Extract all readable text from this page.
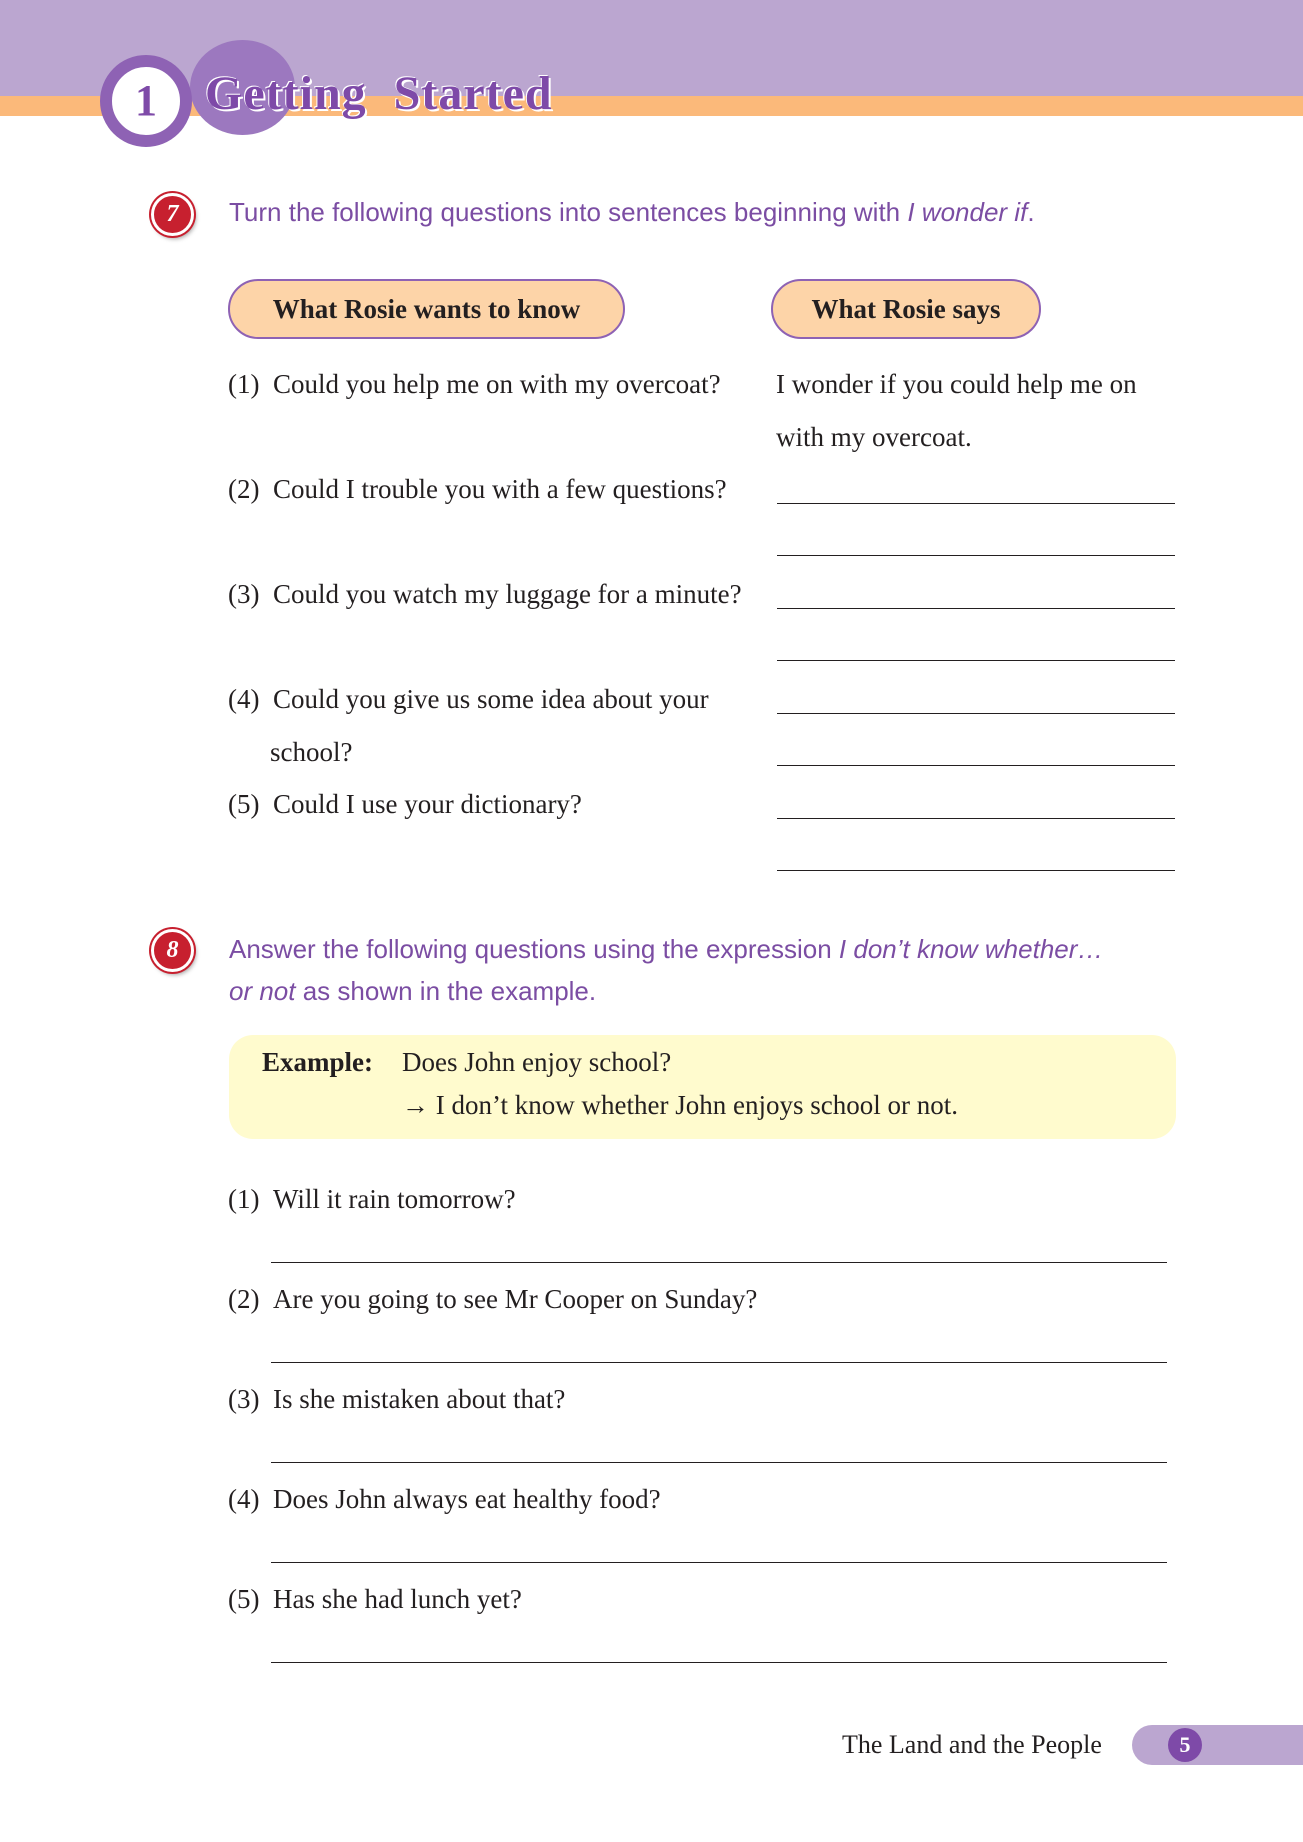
1 Getting Started
7 Turn the following questions into sentences beginning with I wonder if.
What Rosie wants to know	What Rosie says
(1) Could you help me on with my overcoat?
(2) Could I trouble you with a few questions?
(3) Could you watch my luggage for a minute?
(4) Could you give us some idea about your
school?
(5) Could I use your dictionary?
I wonder if you could help me on
with my overcoat.
8 Answer the following questions using the expression I don’t know whether…
or not as shown in the example.
Example: Does John enjoy school?
→ I don’t know whether John enjoys school or not.
(1) Will it rain tomorrow?
(2) Are you going to see Mr Cooper on Sunday?
(3) Is she mistaken about that?
(4) Does John always eat healthy food?
(5) Has she had lunch yet?
The Land and the People	5
